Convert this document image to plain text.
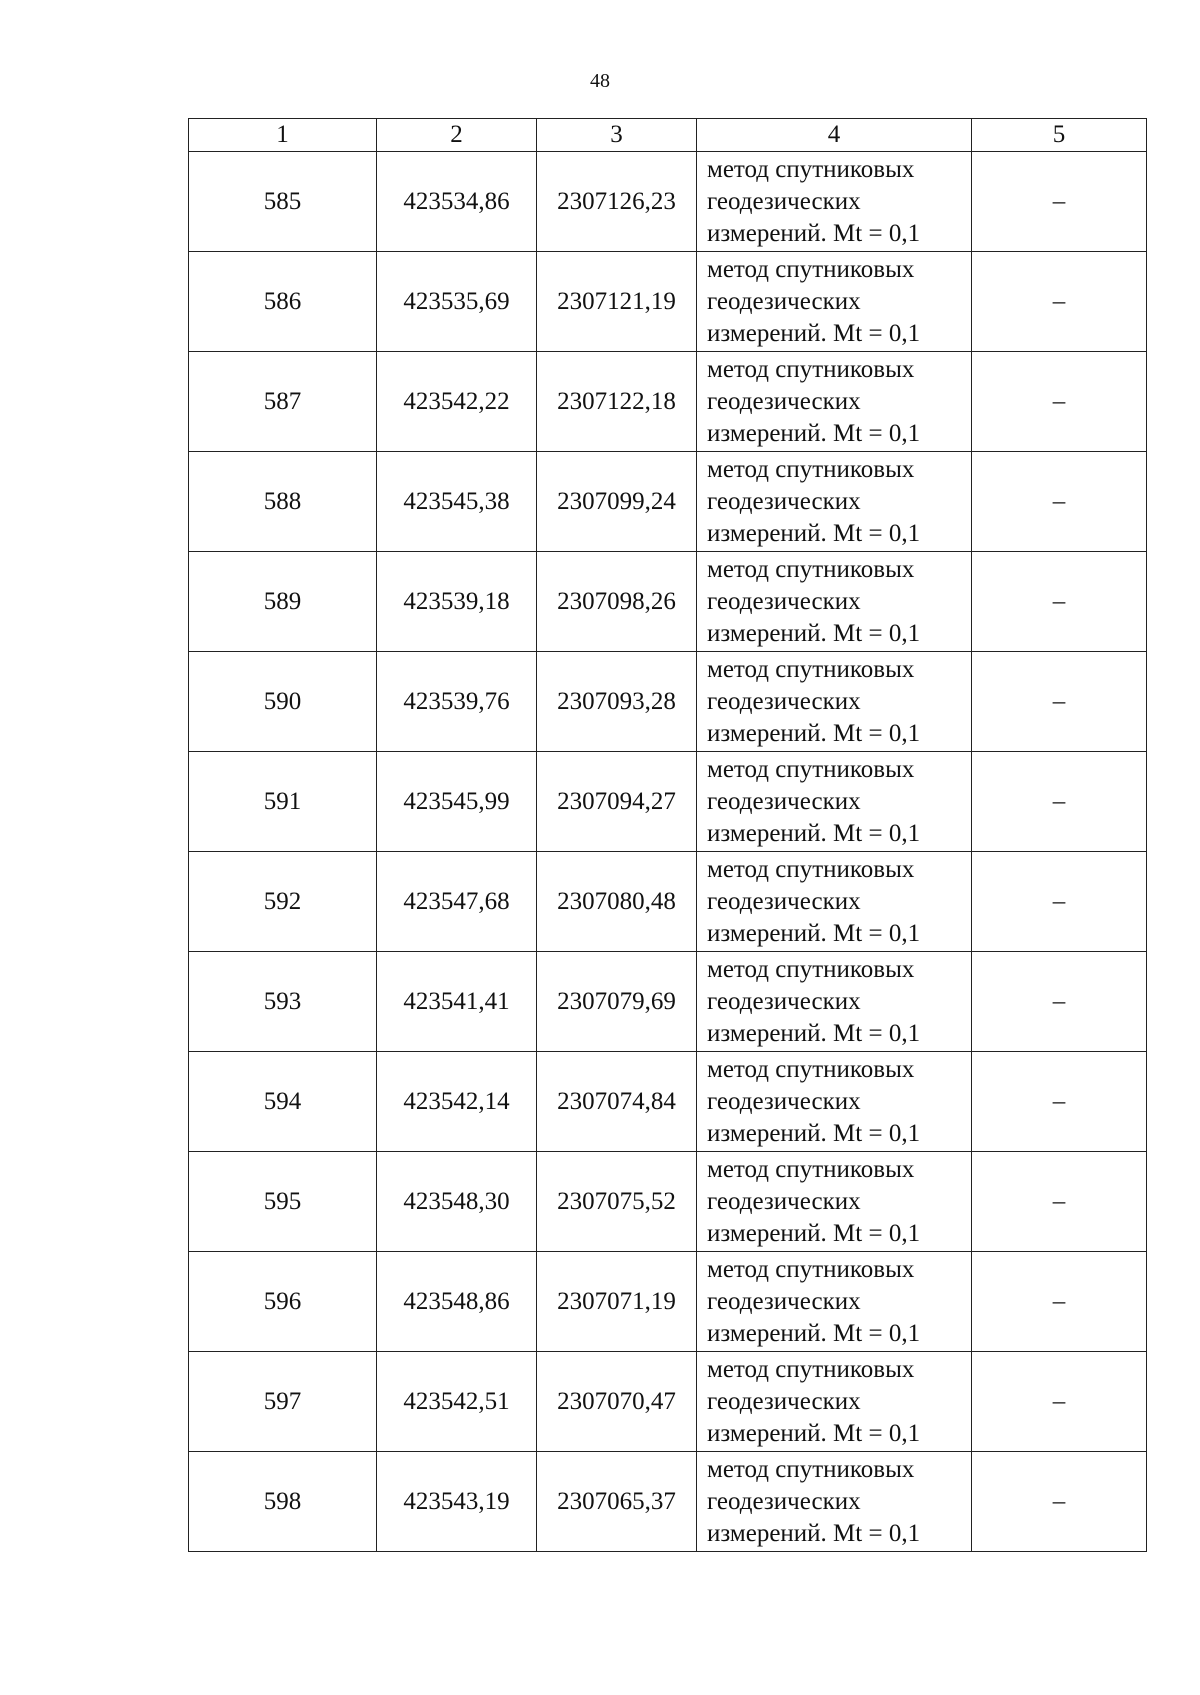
48
1	2	3	4	5
585	423534,86	2307126,23	метод спутниковых
геодезических
измерений. Mt = 0,1	–
586	423535,69	2307121,19	метод спутниковых
геодезических
измерений. Mt = 0,1	–
587	423542,22	2307122,18	метод спутниковых
геодезических
измерений. Mt = 0,1	–
588	423545,38	2307099,24	метод спутниковых
геодезических
измерений. Mt = 0,1	–
589	423539,18	2307098,26	метод спутниковых
геодезических
измерений. Mt = 0,1	–
590	423539,76	2307093,28	метод спутниковых
геодезических
измерений. Mt = 0,1	–
591	423545,99	2307094,27	метод спутниковых
геодезических
измерений. Mt = 0,1	–
592	423547,68	2307080,48	метод спутниковых
геодезических
измерений. Mt = 0,1	–
593	423541,41	2307079,69	метод спутниковых
геодезических
измерений. Mt = 0,1	–
594	423542,14	2307074,84	метод спутниковых
геодезических
измерений. Mt = 0,1	–
595	423548,30	2307075,52	метод спутниковых
геодезических
измерений. Mt = 0,1	–
596	423548,86	2307071,19	метод спутниковых
геодезических
измерений. Mt = 0,1	–
597	423542,51	2307070,47	метод спутниковых
геодезических
измерений. Mt = 0,1	–
598	423543,19	2307065,37	метод спутниковых
геодезических
измерений. Mt = 0,1	–
